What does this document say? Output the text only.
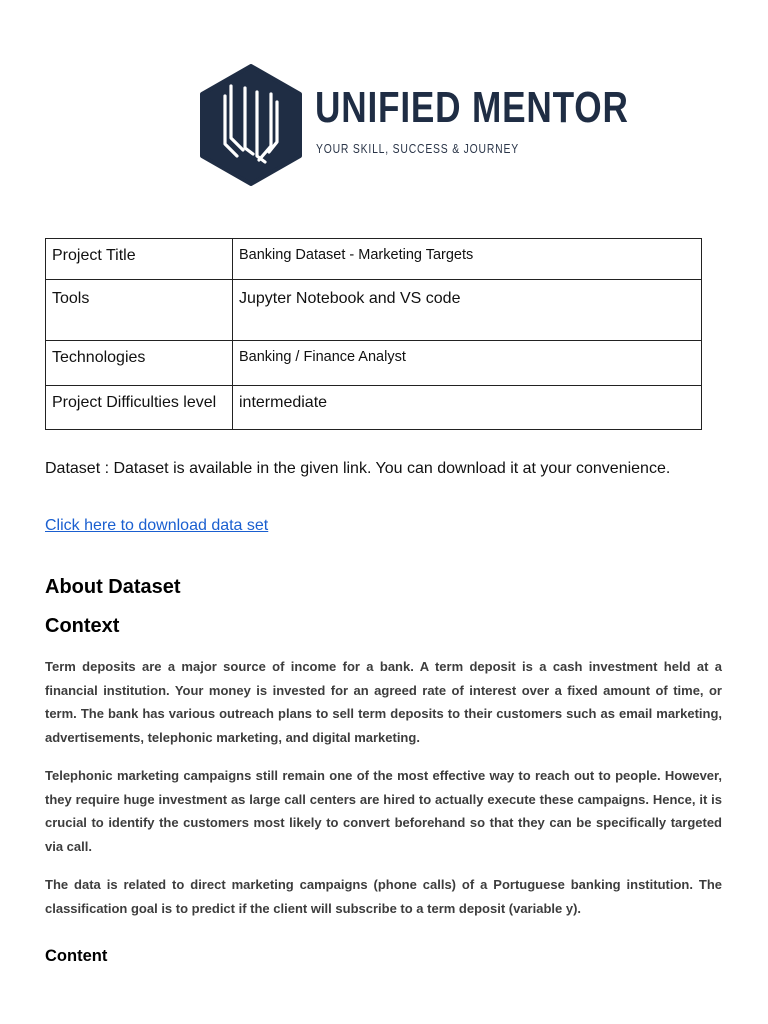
UNIFIED MENTOR
YOUR SKILL, SUCCESS & JOURNEY
Project Title	Banking Dataset - Marketing Targets
Tools	Jupyter Notebook and VS code
Technologies	Banking / Finance Analyst
Project Difficulties level	intermediate
Dataset : Dataset is available in the given link. You can download it at your convenience.
Click here to download data set
About Dataset
Context

Term deposits are a major source of income for a bank. A term deposit is a cash investment held at a financial institution. Your money is invested for an agreed rate of interest over a fixed amount of time, or term. The bank has various outreach plans to sell term deposits to their customers such as email marketing, advertisements, telephonic marketing, and digital marketing.

Telephonic marketing campaigns still remain one of the most effective way to reach out to people. However, they require huge investment as large call centers are hired to actually execute these campaigns. Hence, it is crucial to identify the customers most likely to convert beforehand so that they can be specifically targeted via call.

The data is related to direct marketing campaigns (phone calls) of a Portuguese banking institution. The classification goal is to predict if the client will subscribe to a term deposit (variable y).

Content
